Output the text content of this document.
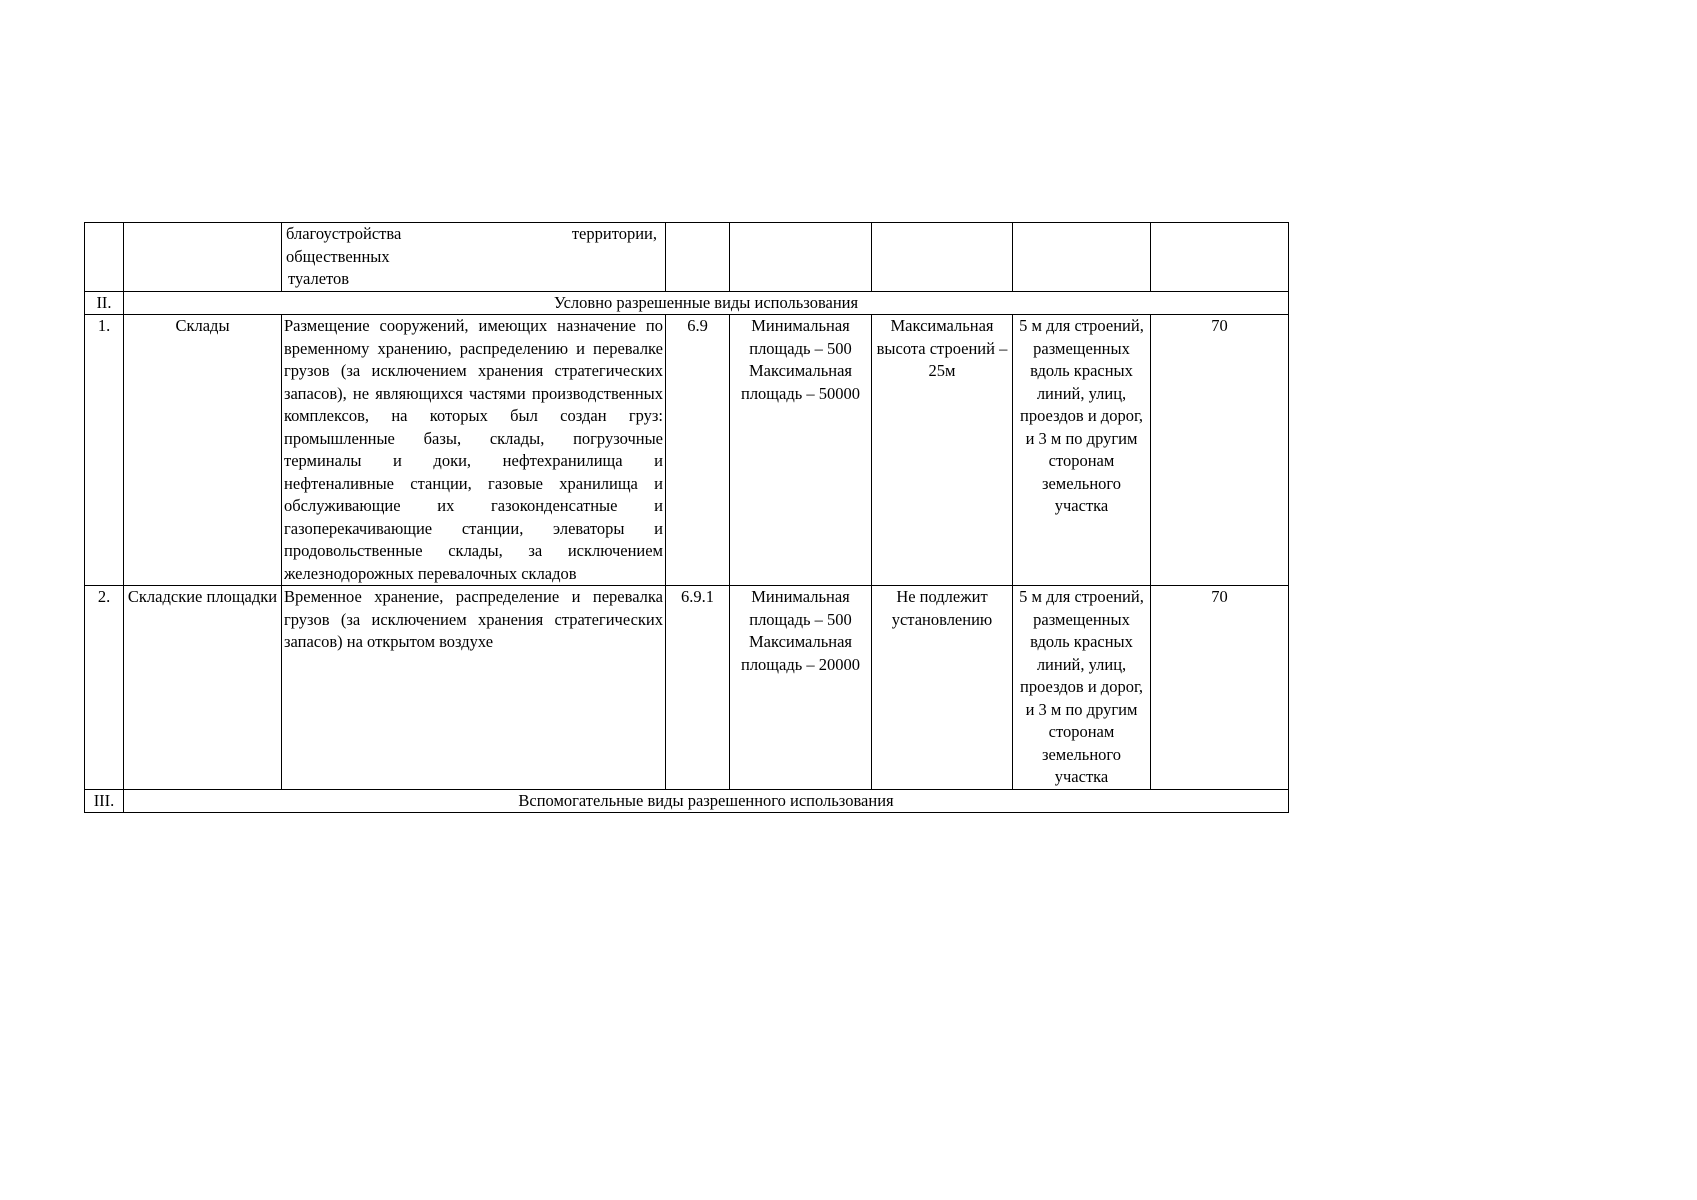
		благоустройства территории,
общественных
туалетов					

II.	Условно разрешенные виды использования						
1.	Склады	Размещение сооружений, имеющих назначение по временному хранению, распределению и перевалке грузов (за исключением хранения стратегических запасов), не являющихся частями производственных комплексов, на которых был создан груз: промышленные базы, склады, погрузочные терминалы и доки, нефтехранилища и нефтеналивные станции, газовые хранилища и обслуживающие их газоконденсатные и газоперекачивающие станции, элеваторы и продовольственные склады, за исключением железнодорожных перевалочных складов	6.9	Минимальная площадь – 500 Максимальная площадь – 50000	Максимальная высота строений – 25м	5 м для строений, размещенных вдоль красных линий, улиц, проездов и дорог, и 3 м по другим сторонам земельного участка	70
2.	Складские площадки	Временное хранение, распределение и перевалка грузов (за исключением хранения стратегических запасов) на открытом воздухе	6.9.1	Минимальная площадь – 500 Максимальная площадь – 20000	Не подлежит установлению	5 м для строений, размещенных вдоль красных линий, улиц, проездов и дорог, и 3 м по другим сторонам земельного участка	70
III.	Вспомогательные виды разрешенного использования						
